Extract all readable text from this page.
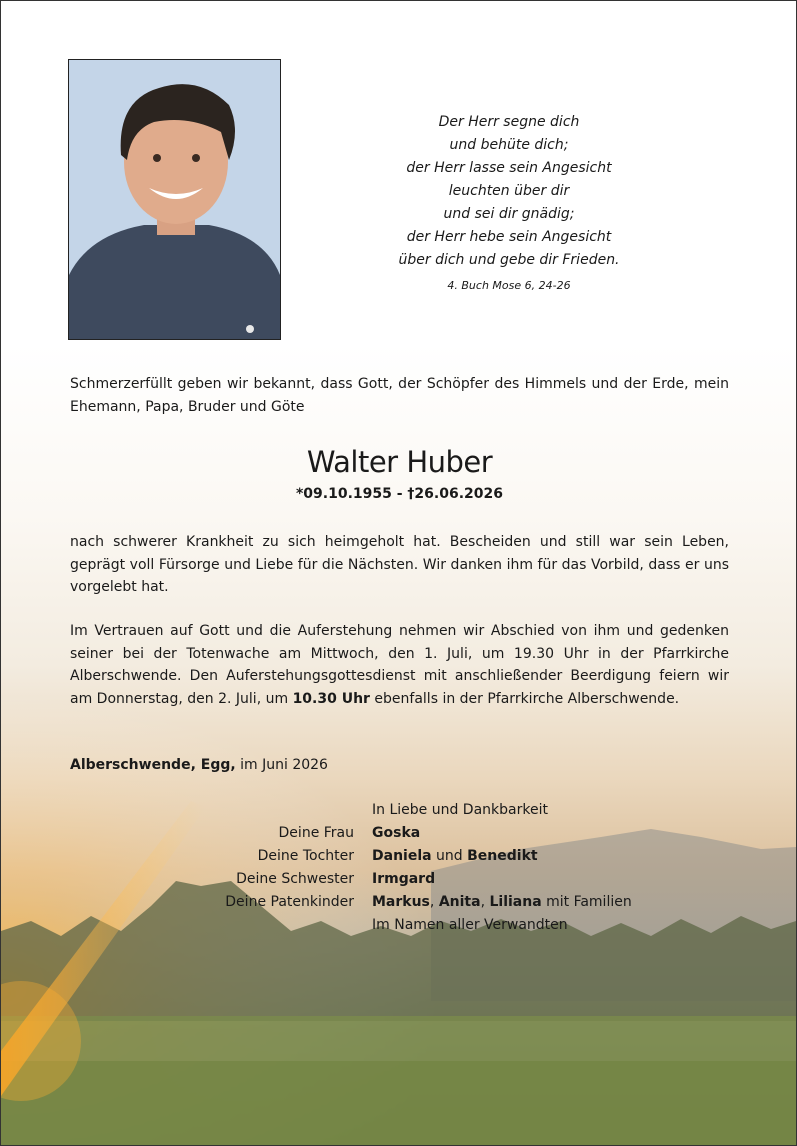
Der Herr segne dich
und behüte dich;
der Herr lasse sein Angesicht
leuchten über dir
und sei dir gnädig;
der Herr hebe sein Angesicht
über dich und gebe dir Frieden.
4. Buch Mose 6, 24-26
Schmerzerfüllt geben wir bekannt, dass Gott, der Schöpfer des Himmels und der Erde, mein Ehemann, Papa, Bruder und Göte
Walter Huber
*09.10.1955 - †26.06.2026
nach schwerer Krankheit zu sich heimgeholt hat. Bescheiden und still war sein Leben, geprägt voll Fürsorge und Liebe für die Nächsten. Wir danken ihm für das Vorbild, dass er uns vorgelebt hat.
Im Vertrauen auf Gott und die Auferstehung nehmen wir Abschied von ihm und gedenken seiner bei der Totenwache am Mittwoch, den 1. Juli, um 19.30 Uhr in der Pfarrkirche Alberschwende. Den Auferstehungsgottesdienst mit anschließender Beerdigung feiern wir am Donnerstag, den 2. Juli, um 10.30 Uhr ebenfalls in der Pfarrkirche Alberschwende.
Alberschwende, Egg, im Juni 2026
In Liebe und Dankbarkeit
Deine Frau Goska
Deine Tochter Daniela und Benedikt
Deine Schwester Irmgard
Deine Patenkinder Markus, Anita, Liliana mit Familien
Im Namen aller Verwandten
